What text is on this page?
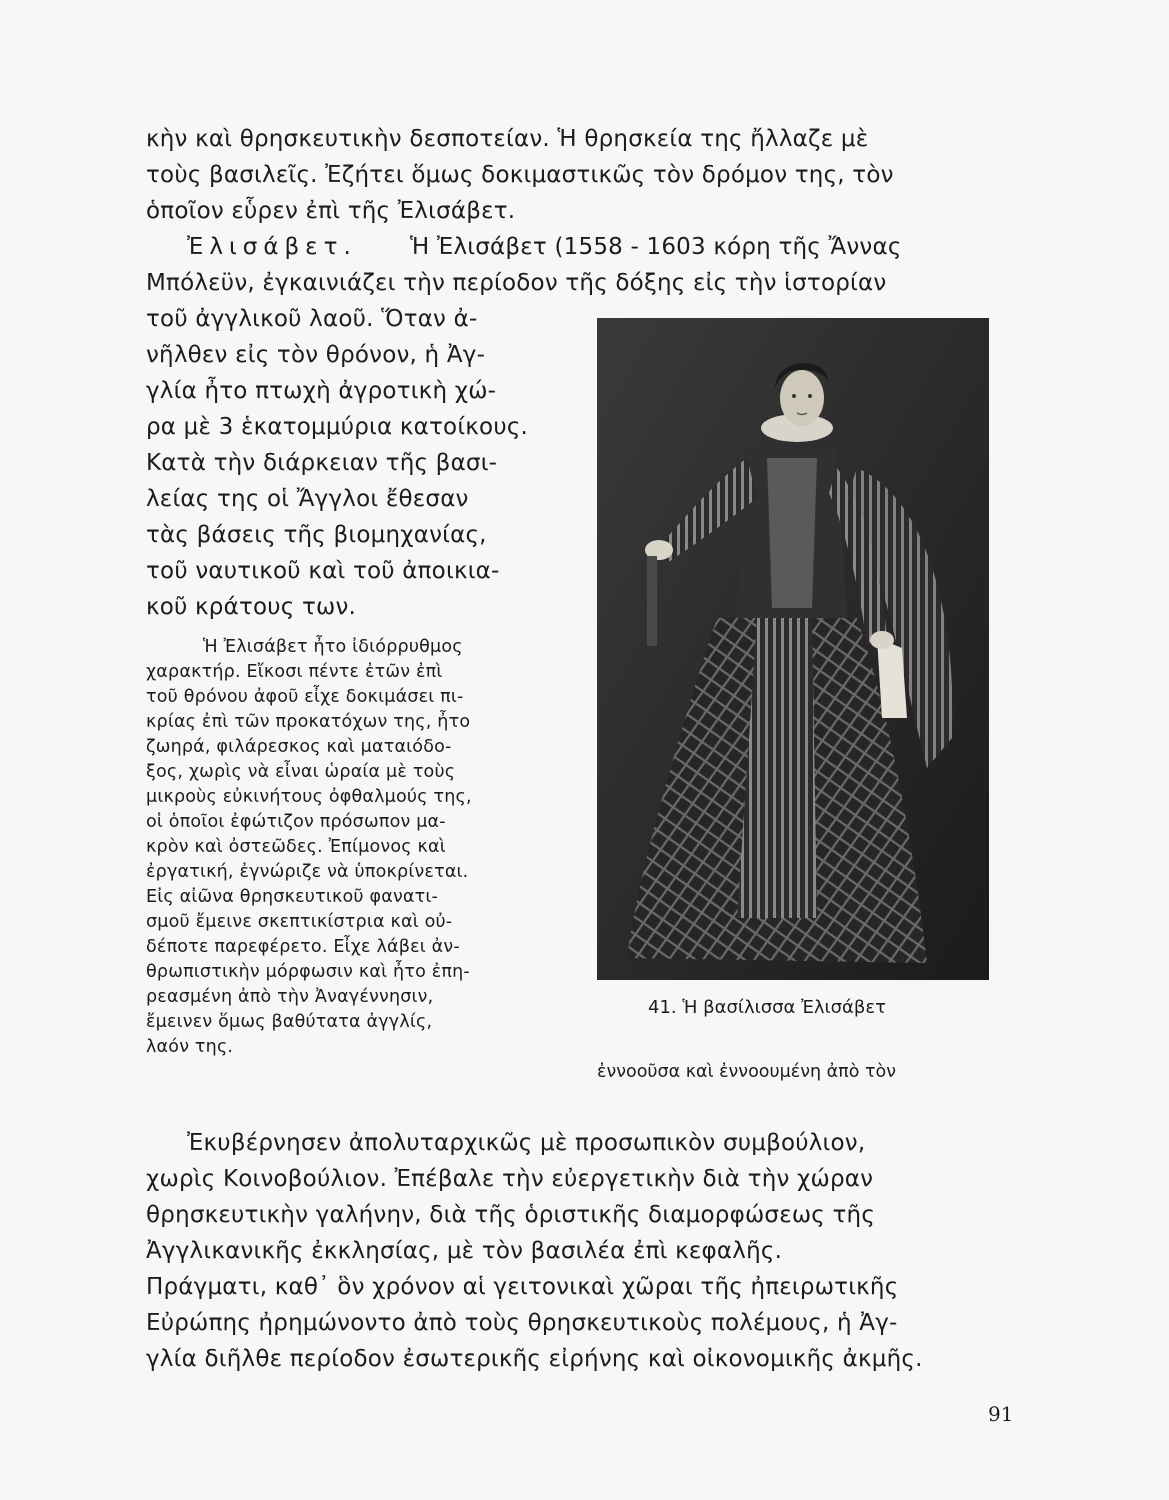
κὴν καὶ θρησκευτικὴν δεσποτείαν. Ἡ θρησκεία της ἤλλαζε μὲ
τοὺς βασιλεῖς. Ἐζήτει ὅμως δοκιμαστικῶς τὸν δρόμον της, τὸν
ὁποῖον εὗρεν ἐπὶ τῆς Ἐλισάβετ.
Ἐλισάβετ. Ἡ Ἐλισάβετ (1558 - 1603 κόρη τῆς Ἄννας
Μπόλεϋν, ἐγκαινιάζει τὴν περίοδον τῆς δόξης εἰς τὴν ἱστορίαν
τοῦ ἀγγλικοῦ λαοῦ. Ὅταν ἀ-
νῆλθεν εἰς τὸν θρόνον, ἡ Ἀγ-
γλία ἦτο πτωχὴ ἀγροτικὴ χώ-
ρα μὲ 3 ἑκατομμύρια κατοίκους.
Κατὰ τὴν διάρκειαν τῆς βασι-
λείας της οἱ Ἄγγλοι ἔθεσαν
τὰς βάσεις τῆς βιομηχανίας,
τοῦ ναυτικοῦ καὶ τοῦ ἀποικια-
κοῦ κράτους των.
Ἡ Ἐλισάβετ ἦτο ἰδιόρρυθμος
χαρακτήρ. Εἴκοσι πέντε ἐτῶν ἐπὶ
τοῦ θρόνου ἀφοῦ εἶχε δοκιμάσει πι-
κρίας ἐπὶ τῶν προκατόχων της, ἦτο
ζωηρά, φιλάρεσκος καὶ ματαιόδο-
ξος, χωρὶς νὰ εἶναι ὡραία μὲ τοὺς
μικροὺς εὐκινήτους ὀφθαλμούς της,
οἱ ὁποῖοι ἐφώτιζον πρόσωπον μα-
κρὸν καὶ ὀστεῶδες. Ἐπίμονος καὶ
ἐργατική, ἐγνώριζε νὰ ὑποκρίνεται.
Εἰς αἰῶνα θρησκευτικοῦ φανατι-
σμοῦ ἔμεινε σκεπτικίστρια καὶ οὐ-
δέποτε παρεφέρετο. Εἶχε λάβει ἀν-
θρωπιστικὴν μόρφωσιν καὶ ἦτο ἐπη-
ρεασμένη ἀπὸ τὴν Ἀναγέννησιν,
ἔμεινεν ὅμως βαθύτατα ἀγγλίς,
λαόν της.
41. Ἡ βασίλισσα Ἐλισάβετ
ἐννοοῦσα καὶ ἐννοουμένη ἀπὸ τὸν
Ἐκυβέρνησεν ἀπολυταρχικῶς μὲ προσωπικὸν συμβούλιον,
χωρὶς Κοινοβούλιον. Ἐπέβαλε τὴν εὐεργετικὴν διὰ τὴν χώραν
θρησκευτικὴν γαλήνην, διὰ τῆς ὁριστικῆς διαμορφώσεως τῆς
Ἀγγλικανικῆς ἐκκλησίας, μὲ τὸν βασιλέα ἐπὶ κεφαλῆς.
Πράγματι, καθ᾽ ὃν χρόνον αἱ γειτονικαὶ χῶραι τῆς ἠπειρωτικῆς
Εὐρώπης ἠρημώνοντο ἀπὸ τοὺς θρησκευτικοὺς πολέμους, ἡ Ἀγ-
γλία διῆλθε περίοδον ἐσωτερικῆς εἰρήνης καὶ οἰκονομικῆς ἀκμῆς.
91
